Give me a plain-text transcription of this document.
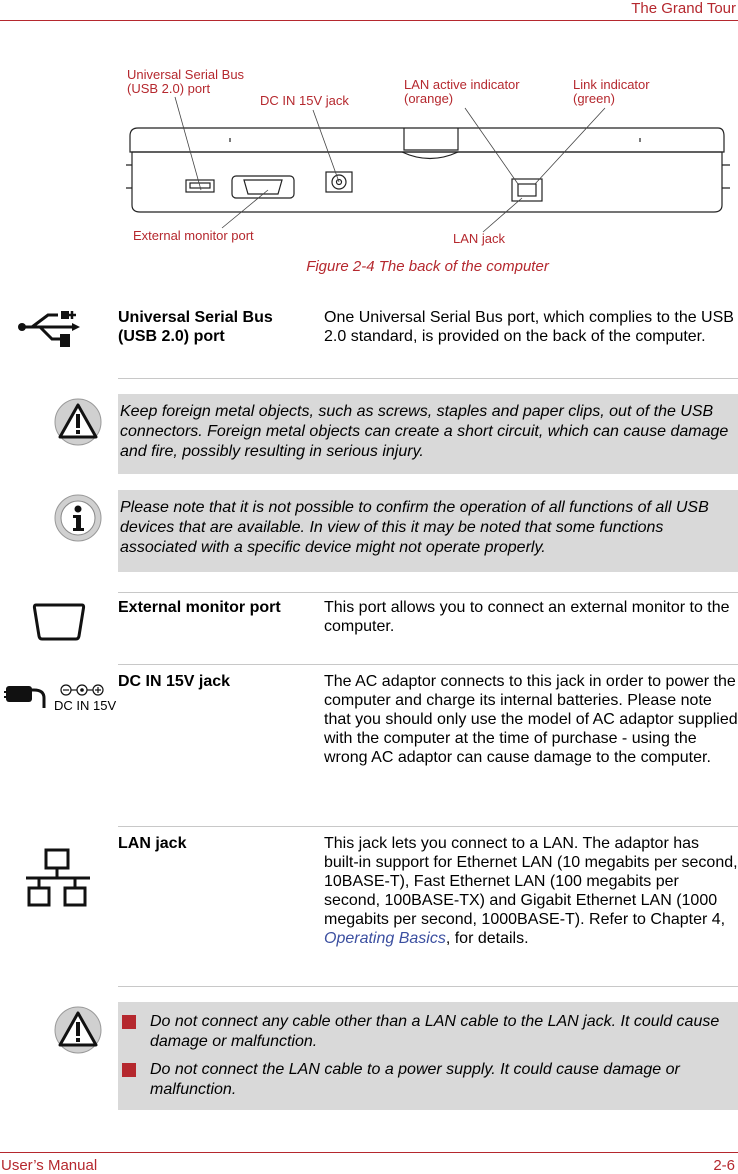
The Grand Tour
Universal Serial Bus
(USB 2.0) port
DC IN 15V jack
LAN active indicator
(orange)
Link indicator
(green)
External monitor port	LAN jack
Figure 2-4 The back of the computer
Universal Serial Bus (USB 2.0) port
One Universal Serial Bus port, which complies to the USB 2.0 standard, is provided on the back of the computer.
Keep foreign metal objects, such as screws, staples and paper clips, out of the USB connectors. Foreign metal objects can create a short circuit, which can cause damage and fire, possibly resulting in serious injury.
Please note that it is not possible to confirm the operation of all functions of all USB devices that are available. In view of this it may be noted that some functions associated with a specific device might not operate properly.
External monitor port	This port allows you to connect an external monitor to the computer.
DC IN 15V
DC IN 15V jack	The AC adaptor connects to this jack in order to power the computer and charge its internal batteries. Please note that you should only use the model of AC adaptor supplied with the computer at the time of purchase - using the wrong AC adaptor can cause damage to the computer.
LAN jack	This jack lets you connect to a LAN. The adaptor has built-in support for Ethernet LAN (10 megabits per second, 10BASE-T), Fast Ethernet LAN (100 megabits per second, 100BASE-TX) and Gigabit Ethernet LAN (1000 megabits per second, 1000BASE-T). Refer to Chapter 4, Operating Basics, for details.
Do not connect any cable other than a LAN cable to the LAN jack. It could cause damage or malfunction.
Do not connect the LAN cable to a power supply. It could cause damage or malfunction.
User’s Manual	2-6
